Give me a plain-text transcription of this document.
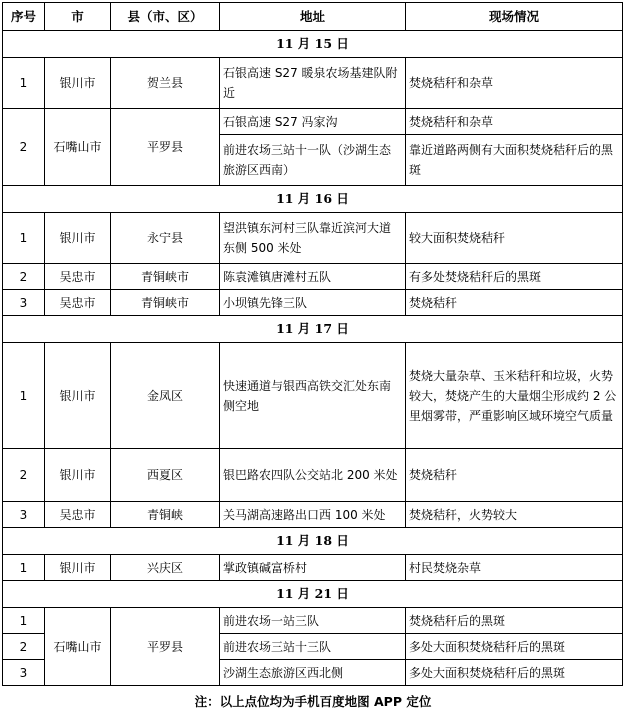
序号	市	县（市、区）	地址	现场情况
11 月 15 日				
1	银川市	贺兰县	石银高速 S27 暖泉农场基建队附近	焚烧秸秆和杂草
2	石嘴山市	平罗县	石银高速 S27 冯家沟	焚烧秸秆和杂草
			前进农场三站十一队（沙湖生态旅游区西南）	靠近道路两侧有大面积焚烧秸秆后的黑斑
11 月 16 日				
1	银川市	永宁县	望洪镇东河村三队靠近滨河大道东侧 500 米处	较大面积焚烧秸秆
2	吴忠市	青铜峡市	陈袁滩镇唐滩村五队	有多处焚烧秸秆后的黑斑
3	吴忠市	青铜峡市	小坝镇先锋三队	焚烧秸秆
11 月 17 日				
1	银川市	金凤区	快速通道与银西高铁交汇处东南侧空地	焚烧大量杂草、玉米秸秆和垃圾，火势较大，焚烧产生的大量烟尘形成约 2 公里烟雾带，严重影响区域环境空气质量
2	银川市	西夏区	银巴路农四队公交站北 200 米处	焚烧秸秆
3	吴忠市	青铜峡	关马湖高速路出口西 100 米处	焚烧秸秆，火势较大
11 月 18 日				
1	银川市	兴庆区	掌政镇碱富桥村	村民焚烧杂草
11 月 21 日				
1	石嘴山市	平罗县	前进农场一站三队	焚烧秸秆后的黑斑
2			前进农场三站十三队	多处大面积焚烧秸秆后的黑斑
3			沙湖生态旅游区西北侧	多处大面积焚烧秸秆后的黑斑
注：以上点位均为手机百度地图 APP 定位
